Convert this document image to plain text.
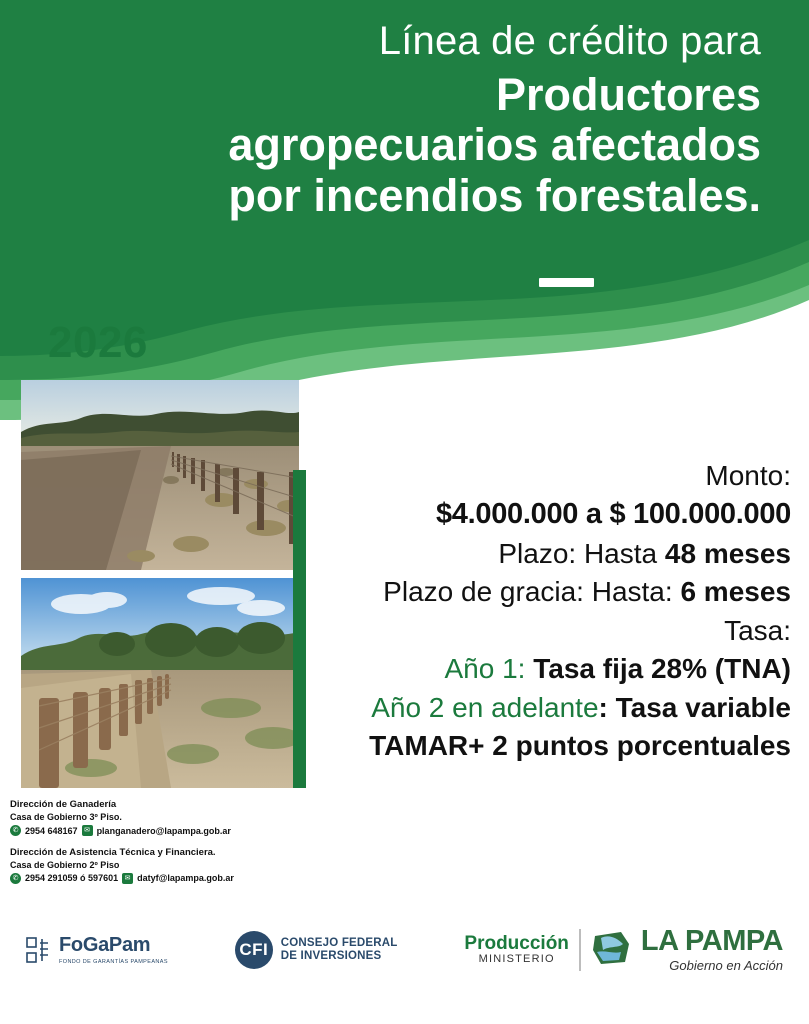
Línea de crédito para
Productores
agropecuarios afectados
por incendios forestales.
2026
Monto:
$4.000.000 a $ 100.000.000
Plazo: Hasta 48 meses
Plazo de gracia: Hasta: 6 meses
Tasa:
Año 1: Tasa fija 28% (TNA)
Año 2 en adelante: Tasa variable
TAMAR+ 2 puntos porcentuales
Dirección de Ganadería
Casa de Gobierno 3º Piso.
✆ 2954 648167 ✉ planganadero@lapampa.gob.ar
Dirección de Asistencia Técnica y Financiera.
Casa de Gobierno 2º Piso
✆ 2954 291059 ó 597601 ✉ datyf@lapampa.gob.ar
FoGaPam
FONDO DE GARANTÍAS PAMPEANAS
CFI	CONSEJO FEDERAL
DE INVERSIONES
Producción
MINISTERIO
LA PAMPA
Gobierno en Acción
